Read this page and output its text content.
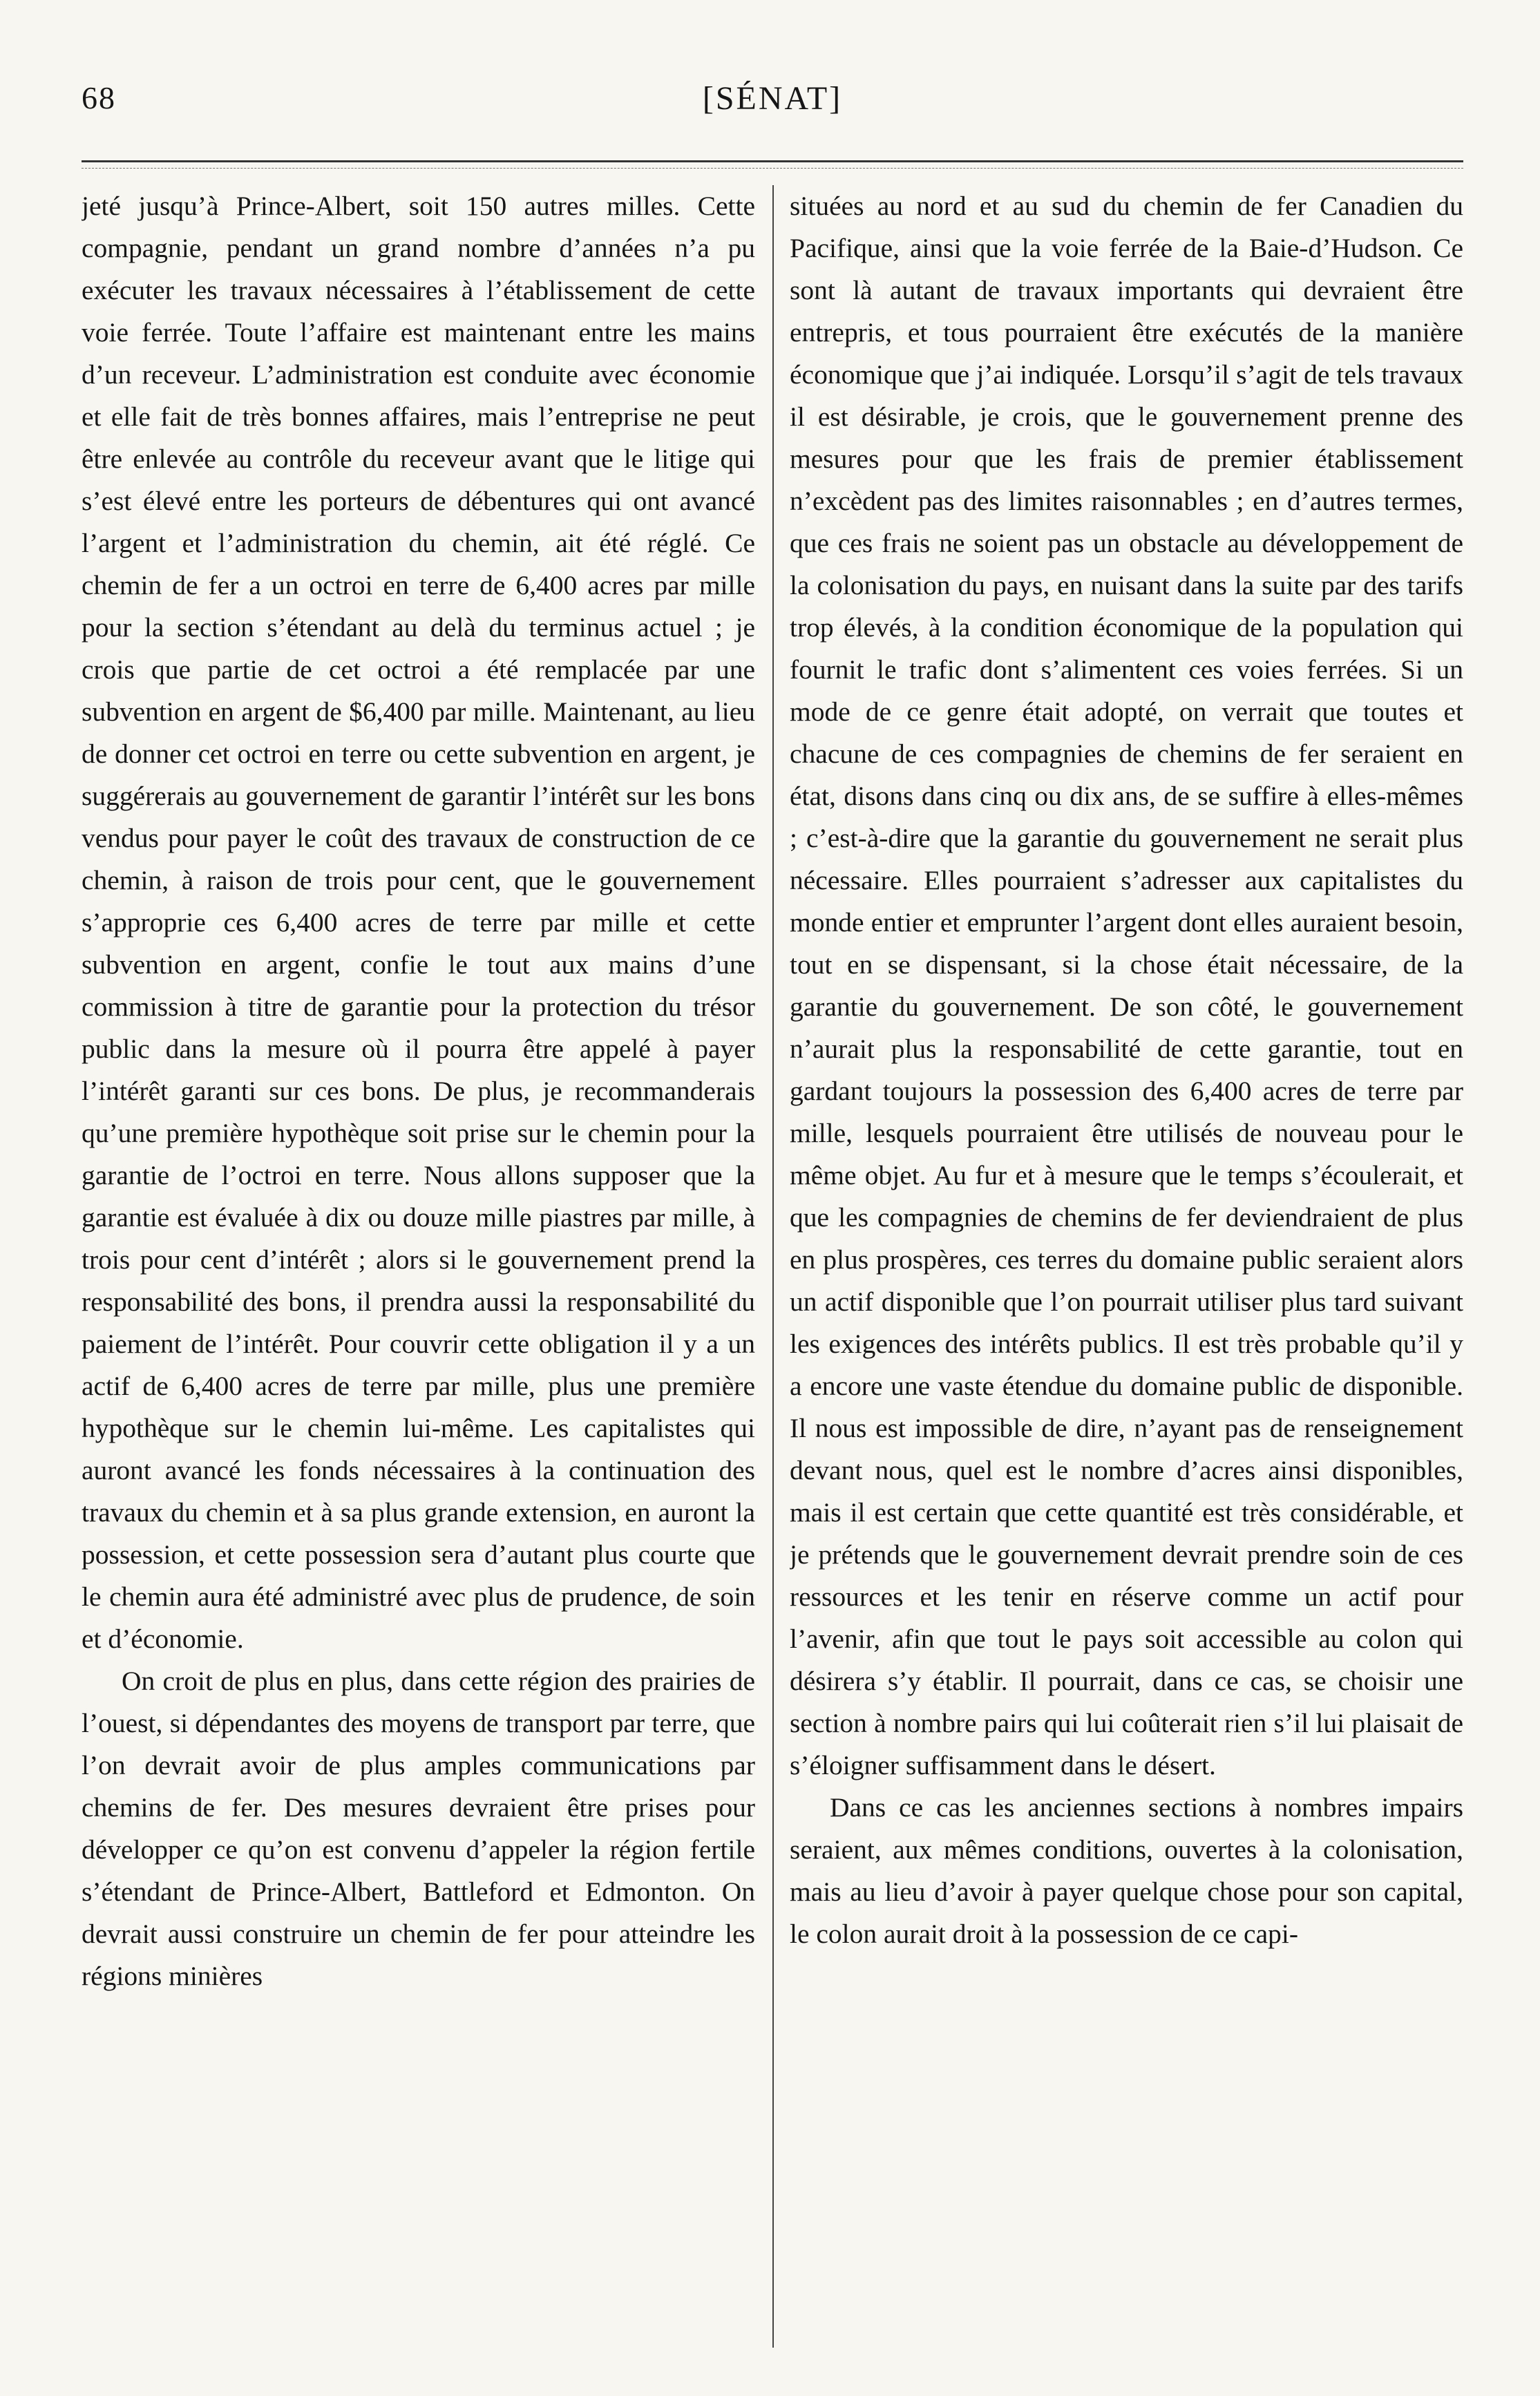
68	[SÉNAT]

jeté jusqu’à Prince-Albert, soit 150 autres milles. Cette compagnie, pendant un grand nombre d’années n’a pu exécuter les travaux nécessaires à l’établissement de cette voie ferrée. Toute l’affaire est maintenant entre les mains d’un receveur. L’administration est conduite avec économie et elle fait de très bonnes affaires, mais l’entreprise ne peut être enlevée au contrôle du receveur avant que le litige qui s’est élevé entre les porteurs de débentures qui ont avancé l’argent et l’administration du chemin, ait été réglé. Ce chemin de fer a un octroi en terre de 6,400 acres par mille pour la section s’étendant au delà du terminus actuel ; je crois que partie de cet octroi a été remplacée par une subvention en argent de $6,400 par mille. Maintenant, au lieu de donner cet octroi en terre ou cette subvention en argent, je suggérerais au gouvernement de garantir l’intérêt sur les bons vendus pour payer le coût des travaux de construction de ce chemin, à raison de trois pour cent, que le gouvernement s’approprie ces 6,400 acres de terre par mille et cette subvention en argent, confie le tout aux mains d’une commission à titre de garantie pour la protection du trésor public dans la mesure où il pourra être appelé à payer l’intérêt garanti sur ces bons. De plus, je recommanderais qu’une première hypothèque soit prise sur le chemin pour la garantie de l’octroi en terre. Nous allons supposer que la garantie est évaluée à dix ou douze mille piastres par mille, à trois pour cent d’intérêt ; alors si le gouvernement prend la responsabilité des bons, il prendra aussi la responsabilité du paiement de l’intérêt. Pour couvrir cette obligation il y a un actif de 6,400 acres de terre par mille, plus une première hypothèque sur le chemin lui-même. Les capitalistes qui auront avancé les fonds nécessaires à la continuation des travaux du chemin et à sa plus grande extension, en auront la possession, et cette possession sera d’autant plus courte que le chemin aura été administré avec plus de prudence, de soin et d’économie.

On croit de plus en plus, dans cette région des prairies de l’ouest, si dépendantes des moyens de transport par terre, que l’on devrait avoir de plus amples communications par chemins de fer. Des mesures devraient être prises pour développer ce qu’on est convenu d’appeler la région fertile s’étendant de Prince-Albert, Battleford et Edmonton. On devrait aussi construire un chemin de fer pour atteindre les régions minières

situées au nord et au sud du chemin de fer Canadien du Pacifique, ainsi que la voie ferrée de la Baie-d’Hudson. Ce sont là autant de travaux importants qui devraient être entrepris, et tous pourraient être exécutés de la manière économique que j’ai indiquée. Lorsqu’il s’agit de tels travaux il est désirable, je crois, que le gouvernement prenne des mesures pour que les frais de premier établissement n’excèdent pas des limites raisonnables ; en d’autres termes, que ces frais ne soient pas un obstacle au développement de la colonisation du pays, en nuisant dans la suite par des tarifs trop élevés, à la condition économique de la population qui fournit le trafic dont s’alimentent ces voies ferrées. Si un mode de ce genre était adopté, on verrait que toutes et chacune de ces compagnies de chemins de fer seraient en état, disons dans cinq ou dix ans, de se suffire à elles-mêmes ; c’est-à-dire que la garantie du gouvernement ne serait plus nécessaire. Elles pourraient s’adresser aux capitalistes du monde entier et emprunter l’argent dont elles auraient besoin, tout en se dispensant, si la chose était nécessaire, de la garantie du gouvernement. De son côté, le gouvernement n’aurait plus la responsabilité de cette garantie, tout en gardant toujours la possession des 6,400 acres de terre par mille, lesquels pourraient être utilisés de nouveau pour le même objet. Au fur et à mesure que le temps s’écoulerait, et que les compagnies de chemins de fer deviendraient de plus en plus prospères, ces terres du domaine public seraient alors un actif disponible que l’on pourrait utiliser plus tard suivant les exigences des intérêts publics. Il est très probable qu’il y a encore une vaste étendue du domaine public de disponible. Il nous est impossible de dire, n’ayant pas de renseignement devant nous, quel est le nombre d’acres ainsi disponibles, mais il est certain que cette quantité est très considérable, et je prétends que le gouvernement devrait prendre soin de ces ressources et les tenir en réserve comme un actif pour l’avenir, afin que tout le pays soit accessible au colon qui désirera s’y établir. Il pourrait, dans ce cas, se choisir une section à nombre pairs qui lui coûterait rien s’il lui plaisait de s’éloigner suffisamment dans le désert.

Dans ce cas les anciennes sections à nombres impairs seraient, aux mêmes conditions, ouvertes à la colonisation, mais au lieu d’avoir à payer quelque chose pour son capital, le colon aurait droit à la possession de ce capi-
